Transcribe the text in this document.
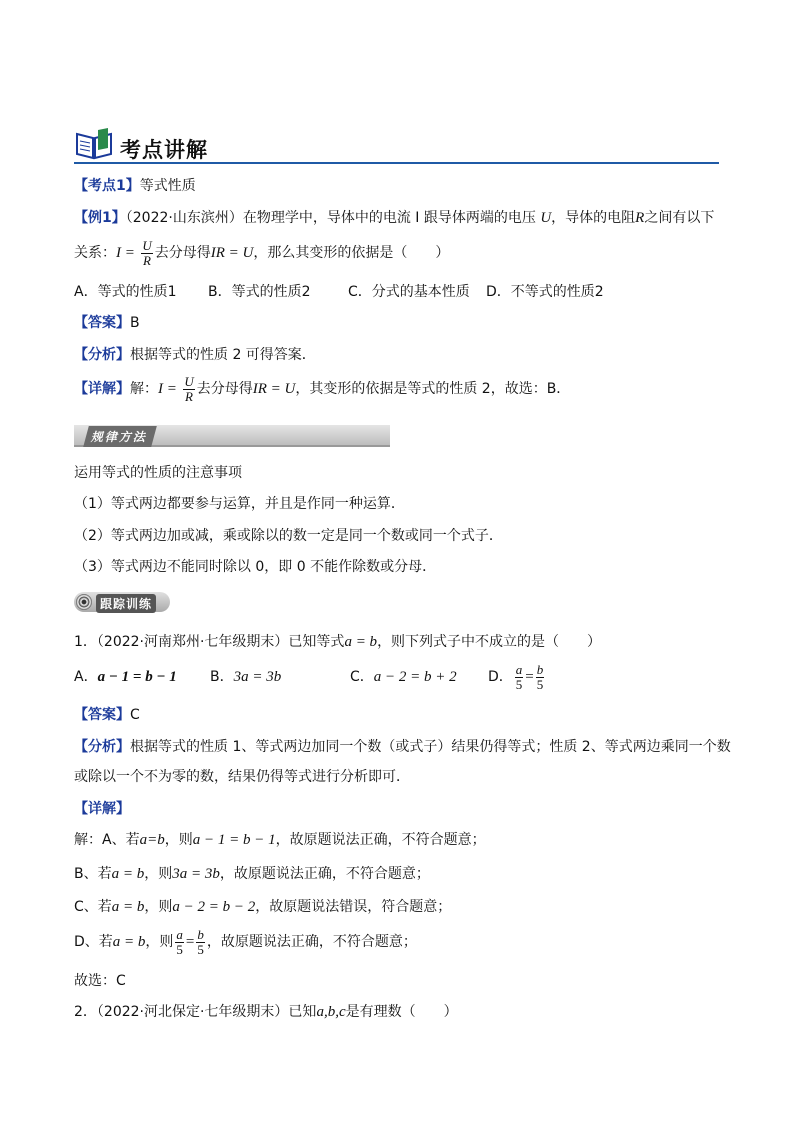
考点讲解
【考点1】等式性质
【例1】（2022·山东滨州）在物理学中，导体中的电流 I 跟导体两端的电压 U，导体的电阻R之间有以下
关系：$I = \frac{U}{R}$ 去分母得IR = U，那么其变形的依据是（　　）
A．等式的性质1 B．等式的性质2	C．分式的基本性质 D．不等式的性质2
【答案】B
【分析】根据等式的性质 2 可得答案．
【详解】解：$I = \frac{U}{R}$ 去分母得IR = U，其变形的依据是等式的性质 2，故选：B．
规律方法
运用等式的性质的注意事项
（1）等式两边都要参与运算，并且是作同一种运算．
（2）等式两边加或减，乘或除以的数一定是同一个数或同一个式子．
（3）等式两边不能同时除以 0，即 0 不能作除数或分母．
跟踪训练
1．（2022·河南郑州·七年级期末）已知等式a = b，则下列式子中不成立的是（　　）
A．a − 1 = b − 1 B．3a = 3b	C．a − 2 = b + 2 D． $\frac{a}{5} = \frac{b}{5}$
【答案】C
【分析】根据等式的性质 1、等式两边加同一个数（或式子）结果仍得等式；性质 2、等式两边乘同一个数
或除以一个不为零的数，结果仍得等式进行分析即可．
【详解】
解：A、若a=b，则a − 1 = b − 1，故原题说法正确，不符合题意；
B、若a = b，则3a = 3b，故原题说法正确，不符合题意；
C、若a = b，则a − 2 = b − 2，故原题说法错误，符合题意；
D、若a = b，则 $\frac{a}{5} = \frac{b}{5}$ ，故原题说法正确，不符合题意；
故选：C
2．（2022·河北保定·七年级期末）已知a,b,c是有理数（　　）
